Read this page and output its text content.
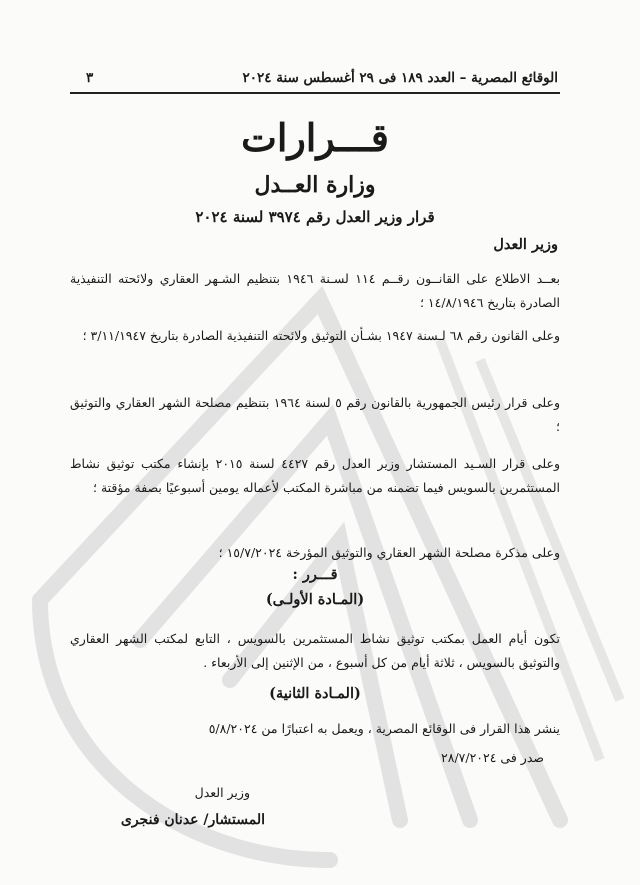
الوقائع المصرية – العدد ١٨٩ فى ٢٩ أغسطس سنة ٢٠٢٤
٣
قـــرارات
وزارة العــدل
قرار وزير العدل رقم ٣٩٧٤ لسنة ٢٠٢٤
وزير العدل
بعــد الاطلاع على القانــون رقــم ١١٤ لسـنة ١٩٤٦ بتنظيم الشـهر العقاري ولائحته التنفيذية الصادرة بتاريخ ١٤/٨/١٩٤٦ ؛
وعلى القانون رقم ٦٨ لـسنة ١٩٤٧ بشـأن التوثيق ولائحته التنفيذية الصادرة بتاريخ ٣/١١/١٩٤٧ ؛
وعلى قرار رئيس الجمهورية بالقانون رقم ٥ لسنة ١٩٦٤ بتنظيم مصلحة الشهر العقاري والتوثيق ؛
وعلى قرار السـيد المستشار وزير العدل رقم ٤٤٢٧ لسنة ٢٠١٥ بإنشاء مكتب توثيق نشاط المستثمرين بالسويس فيما تضمنه من مباشرة المكتب لأعماله يومين أسبوعيًا بصفة مؤقتة ؛
وعلى مذكرة مصلحة الشهر العقاري والتوثيق المؤرخة ١٥/٧/٢٠٢٤ ؛
قـــرر :
(المـادة الأولـى)
تكون أيام العمل بمكتب توثيق نشاط المستثمرين بالسويس ، التابع لمكتب الشهر العقاري والتوثيق بالسويس ، ثلاثة أيام من كل أسبوع ، من الإثنين إلى الأربعاء .
(المـادة الثانية)
ينشر هذا القرار فى الوقائع المصرية ، ويعمل به اعتبارًا من ٥/٨/٢٠٢٤
صدر فى ٢٨/٧/٢٠٢٤
وزير العدل
المستشار/ عدنان فنجرى
